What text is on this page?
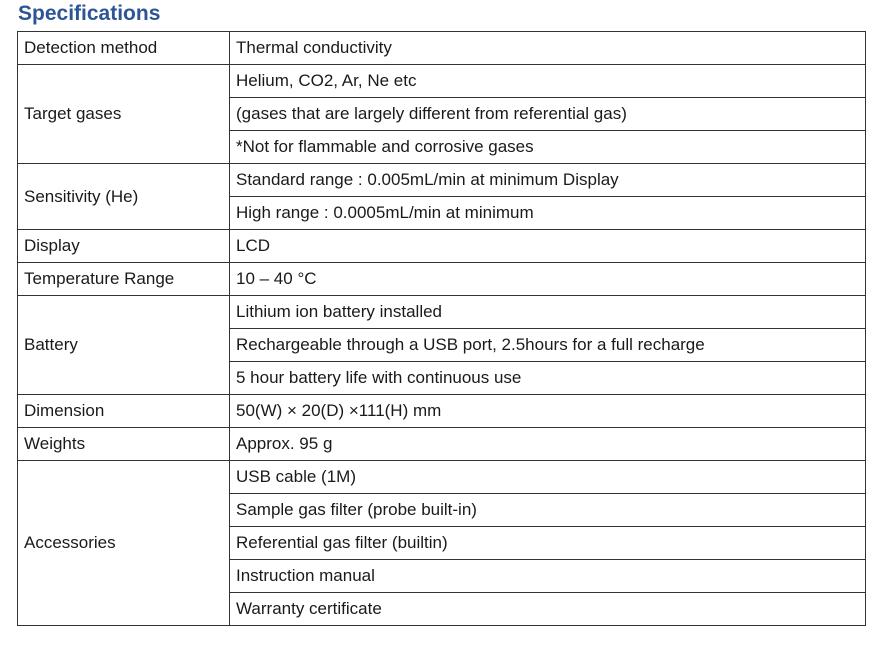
Specifications
Detection method	Thermal conductivity
Target gases	Helium, CO2, Ar, Ne etc
	(gases that are largely different from referential gas)
	*Not for flammable and corrosive gases
Sensitivity (He)	Standard range : 0.005mL/min at minimum Display
	High range : 0.0005mL/min at minimum
Display	LCD
Temperature Range	10 – 40 °C
Battery	Lithium ion battery installed
	Rechargeable through a USB port, 2.5hours for a full recharge
	5 hour battery life with continuous use
Dimension	50(W) × 20(D) ×111(H) mm
Weights	Approx. 95 g
Accessories	USB cable (1M)
	Sample gas filter (probe built-in)
	Referential gas filter (builtin)
	Instruction manual
	Warranty certificate
